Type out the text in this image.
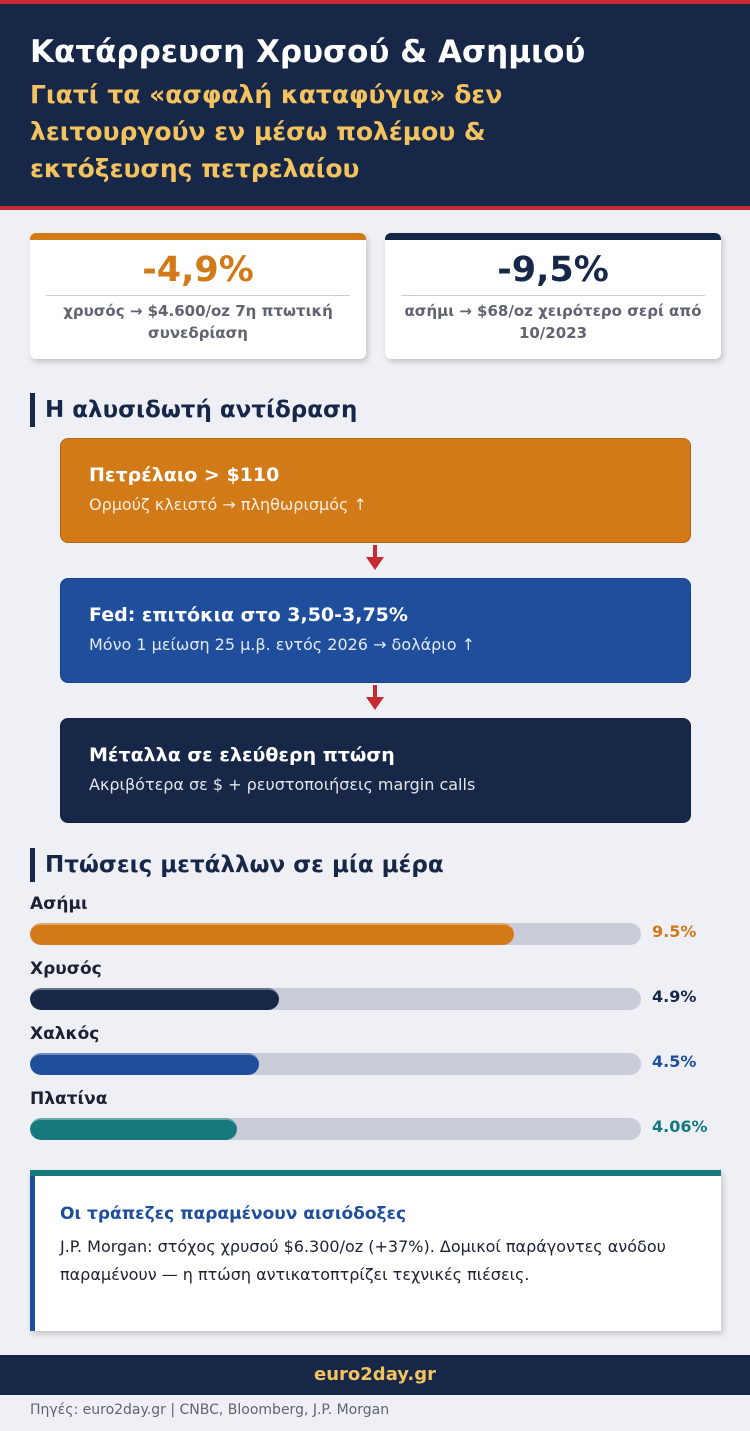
Κατάρρευση Χρυσού & Ασημιού
Γιατί τα «ασφαλή καταφύγια» δεν λειτουργούν εν μέσω πολέμου & εκτόξευσης πετρελαίου
-4,9%
χρυσός → $4.600/oz 7η πτωτική συνεδρίαση
-9,5%
ασήμι → $68/oz χειρότερο σερί από 10/2023
Η αλυσιδωτή αντίδραση
Πετρέλαιο > $110
Ορμούζ κλειστό → πληθωρισμός ↑
Fed: επιτόκια στο 3,50-3,75%
Μόνο 1 μείωση 25 μ.β. εντός 2026 → δολάριο ↑
Μέταλλα σε ελεύθερη πτώση
Ακριβότερα σε $ + ρευστοποιήσεις margin calls
Πτώσεις μετάλλων σε μία μέρα
Ασήμι
9.5%
Χρυσός
4.9%
Χαλκός
4.5%
Πλατίνα
4.06%
Οι τράπεζες παραμένουν αισιόδοξες
J.P. Morgan: στόχος χρυσού $6.300/oz (+37%). Δομικοί παράγοντες ανόδου παραμένουν — η πτώση αντικατοπτρίζει τεχνικές πιέσεις.
euro2day.gr
Πηγές: euro2day.gr | CNBC, Bloomberg, J.P. Morgan
